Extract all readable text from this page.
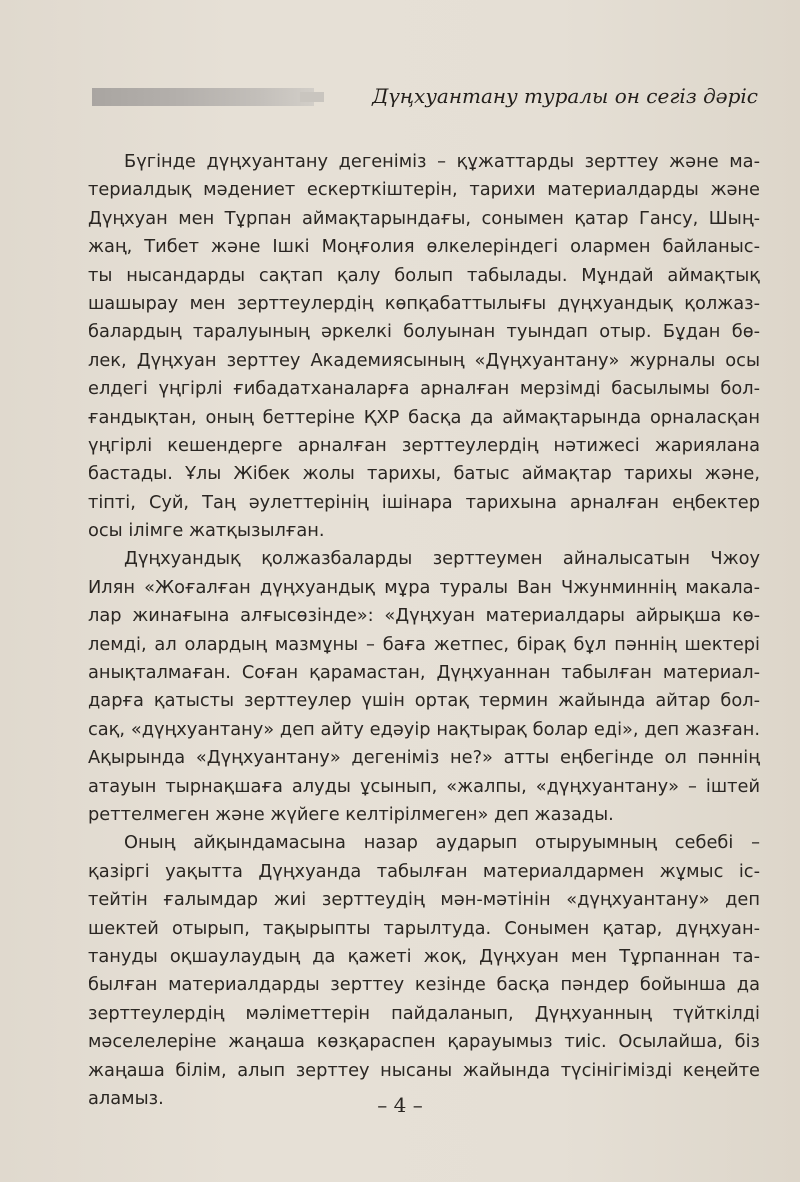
Дүңхуантану туралы он сегіз дәріс
Бүгінде дүңхуантану дегеніміз – құжаттарды зерттеу және ма-
териалдық мәдениет ескерткіштерін, тарихи материалдарды және
Дүңхуан мен Тұрпан аймақтарындағы, сонымен қатар Гансу, Шың-
жаң, Тибет және Ішкі Моңғолия өлкелеріндегі олармен байланыс-
ты нысандарды сақтап қалу болып табылады. Мұндай аймақтық
шашырау мен зерттеулердің көпқабаттылығы дүңхуандық қолжаз-
балардың таралуының әркелкі болуынан туындап отыр. Бұдан бө-
лек, Дүңхуан зерттеу Академиясының «Дүңхуантану» журналы осы
елдегі үңгірлі ғибадатханаларға арналған мерзімді басылымы бол-
ғандықтан, оның беттеріне ҚХР басқа да аймақтарында орналасқан
үңгірлі кешендерге арналған зерттеулердің нәтижесі жариялана
бастады. Ұлы Жібек жолы тарихы, батыс аймақтар тарихы және,
тіпті, Суй, Таң әулеттерінің ішінара тарихына арналған еңбектер
осы ілімге жатқызылған.
Дүңхуандық қолжазбаларды зерттеумен айналысатын Чжоу
Илян «Жоғалған дүңхуандық мұра туралы Ван Чжунминнің макала-
лар жинағына алғысөзінде»: «Дүңхуан материалдары айрықша кө-
лемді, ал олардың мазмұны – баға жетпес, бірақ бұл пәннің шектері
анықталмаған. Соған қарамастан, Дүңхуаннан табылған материал-
дарға қатысты зерттеулер үшін ортақ термин жайында айтар бол-
сақ, «дүңхуантану» деп айту едәуір нақтырақ болар еді», деп жазған.
Ақырында «Дүңхуантану» дегеніміз не?» атты еңбегінде ол пәннің
атауын тырнақшаға алуды ұсынып, «жалпы, «дүңхуантану» – іштей
реттелмеген және жүйеге келтірілмеген» деп жазады.
Оның айқындамасына назар аударып отыруымның себебі –
қазіргі уақытта Дүңхуанда табылған материалдармен жұмыс іс-
тейтін ғалымдар жиі зерттеудің мән-мәтінін «дүңхуантану» деп
шектей отырып, тақырыпты тарылтуда. Сонымен қатар, дүңхуан-
тануды оқшаулаудың да қажеті жоқ, Дүңхуан мен Тұрпаннан та-
былған материалдарды зерттеу кезінде басқа пәндер бойынша да
зерттеулердің мәліметтерін пайдаланып, Дүңхуанның түйткілді
мәселелеріне жаңаша көзқараспен қарауымыз тиіс. Осылайша, біз
жаңаша білім, алып зерттеу нысаны жайында түсінігімізді кеңейте
аламыз.	– 4 –
